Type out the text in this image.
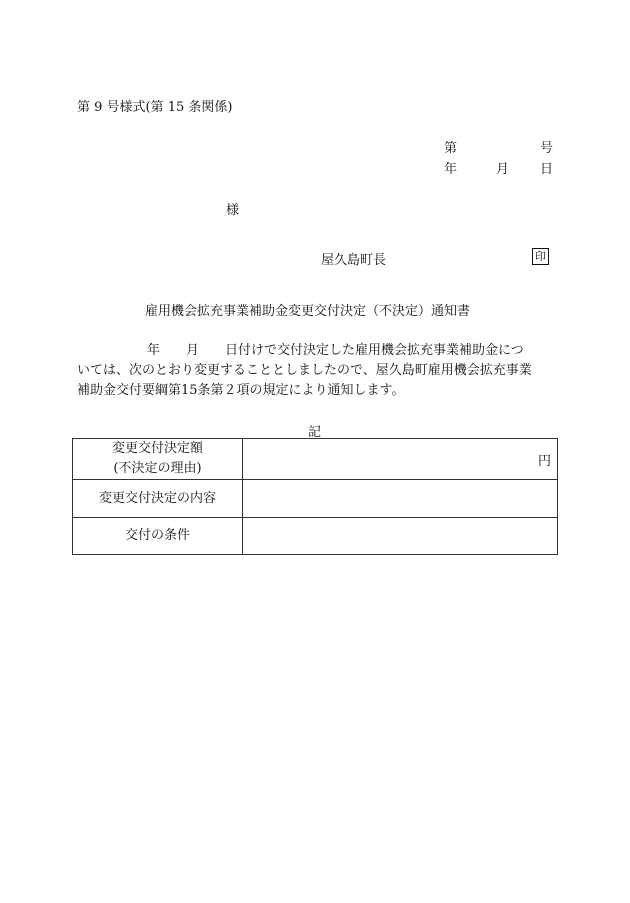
第 9 号様式(第 15 条関係)
第	号
年	月 日
様
屋久島町長	印
雇用機会拡充事業補助金変更交付決定（不決定）通知書
年 月 日付けで交付決定した雇用機会拡充事業補助金につ
いては、次のとおり変更することとしましたので、屋久島町雇用機会拡充事業
補助金交付要綱第15条第２項の規定により通知します。
記
変更交付決定額
(不決定の理由)	円
変更交付決定の内容	
交付の条件	
